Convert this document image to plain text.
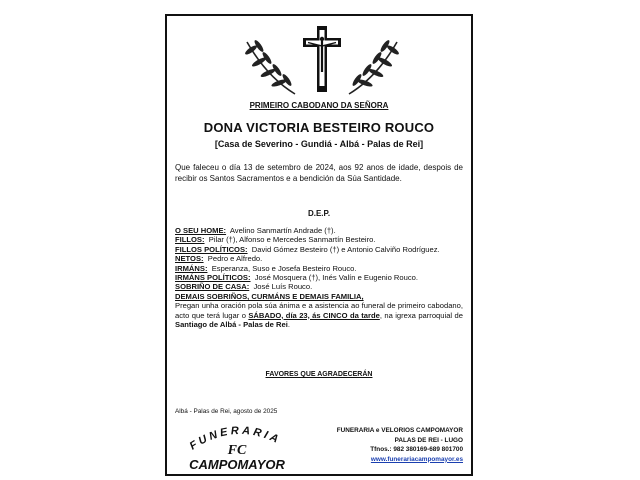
PRIMEIRO CABODANO DA SEÑORA
DONA VICTORIA BESTEIRO ROUCO
[Casa de Severino - Gundiá - Albá - Palas de Rei]
Que faleceu o día 13 de setembro de 2024, aos 92 anos de idade, despois de recibir os Santos Sacramentos e a bendición da Súa Santidade.
D.E.P.
O SEU HOME: Avelino Sanmartín Andrade (†).
FILLOS: Pilar (†), Alfonso e Mercedes Sanmartín Besteiro.
FILLOS POLÍTICOS: David Gómez Besteiro (†) e Antonio Calviño Rodríguez.
NETOS: Pedro e Alfredo.
IRMÁNS: Esperanza, Suso e Josefa Besteiro Rouco.
IRMÁNS POLÍTICOS: José Mosquera (†), Inés Valín e Eugenio Rouco.
SOBRIÑO DE CASA: José Luís Rouco.
DEMAIS SOBRIÑOS, CURMÁNS E DEMAIS FAMILIA,
Pregan unha oración pola súa ánima e a asistencia ao funeral de primeiro cabodano, acto que terá lugar o SÁBADO, día 23, ás CINCO da tarde, na igrexa parroquial de Santiago de Albá - Palas de Rei.
FAVORES QUE AGRADECERÁN
Albá - Palas de Rei, agosto de 2025
FUNERARIA
FC
CAMPOMAYOR
FUNERARIA e VELORIOS CAMPOMAYOR
PALAS DE REI - LUGO
Tfnos.: 982 380169-689 801700
www.funerariacampomayor.es
